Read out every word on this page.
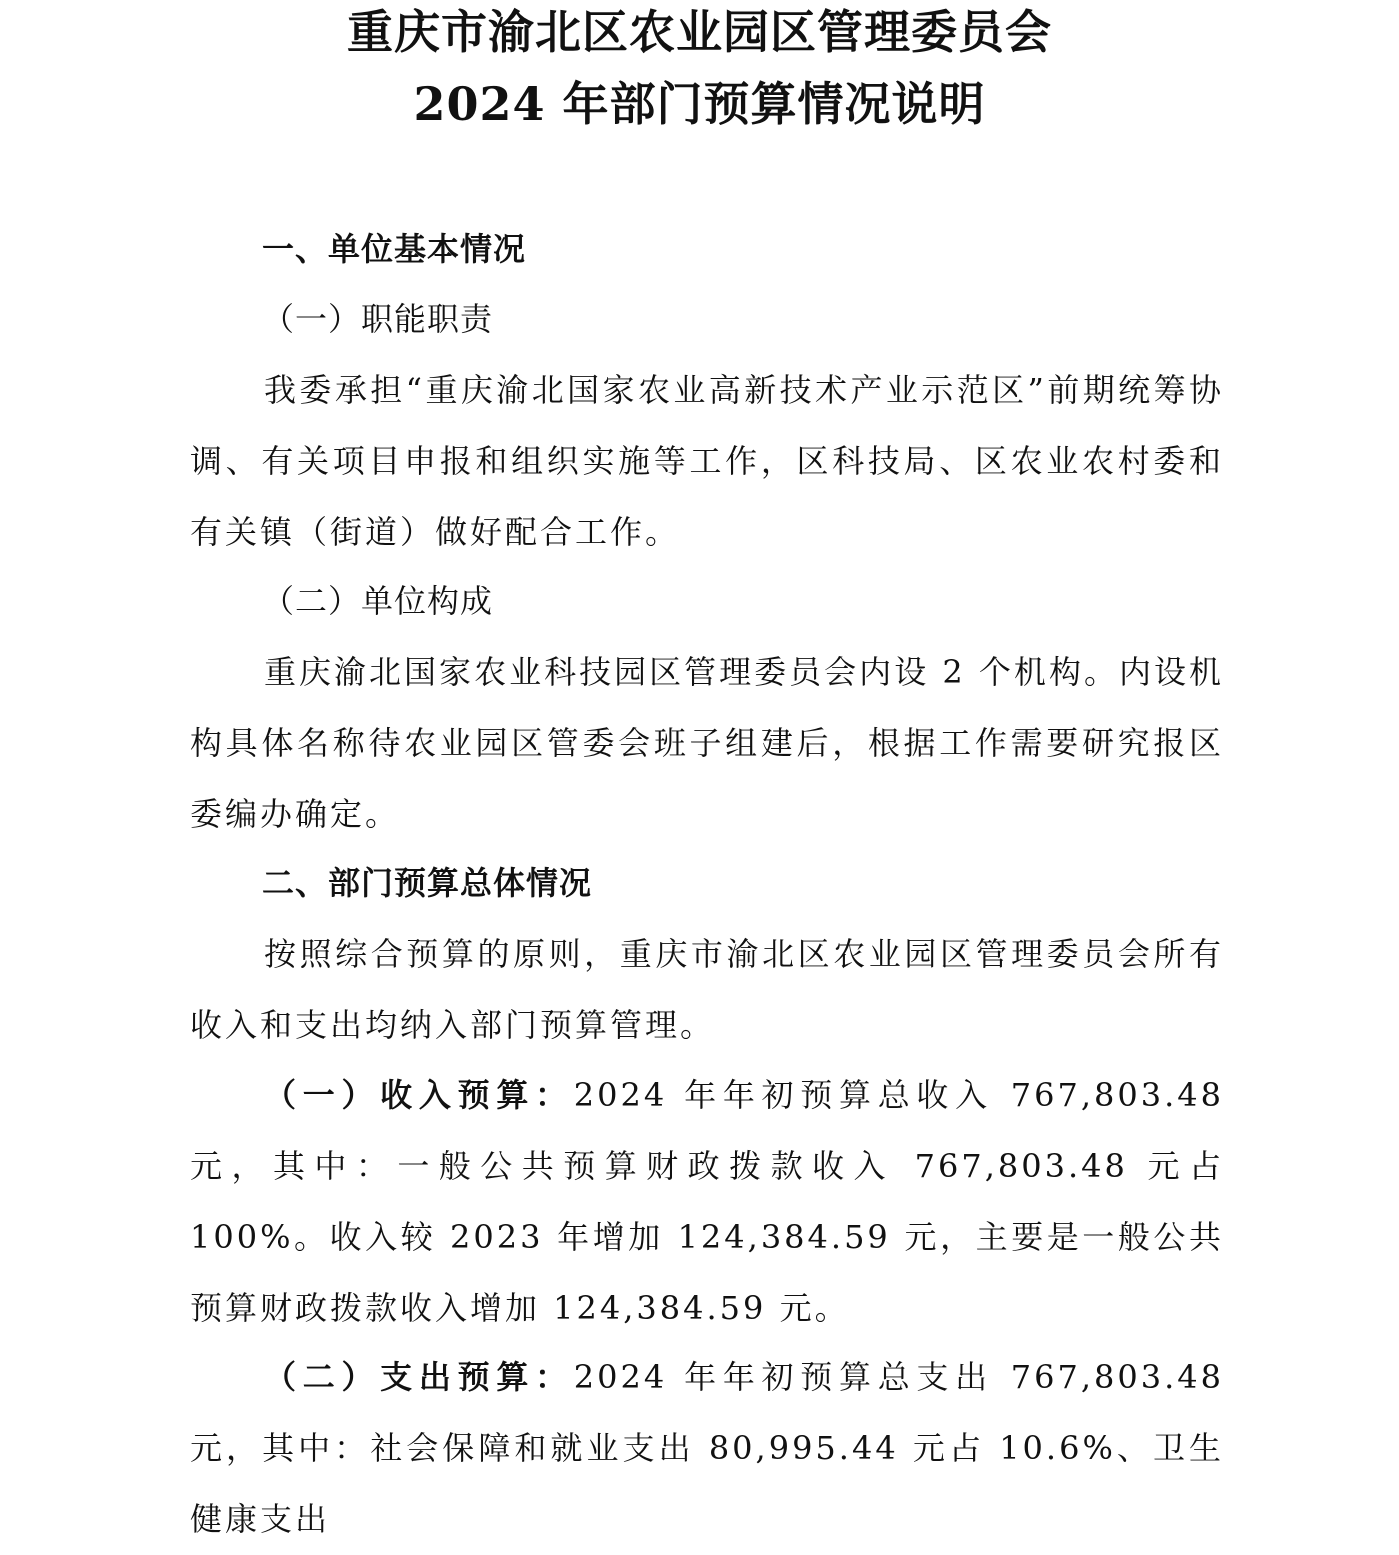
重庆市渝北区农业园区管理委员会
2024 年部门预算情况说明
一、单位基本情况
（一）职能职责

我委承担“重庆渝北国家农业高新技术产业示范区”前期统筹协调、有关项目申报和组织实施等工作，区科技局、区农业农村委和有关镇（街道）做好配合工作。

（二）单位构成

重庆渝北国家农业科技园区管理委员会内设 2 个机构。内设机构具体名称待农业园区管委会班子组建后，根据工作需要研究报区委编办确定。

二、部门预算总体情况

按照综合预算的原则，重庆市渝北区农业园区管理委员会所有收入和支出均纳入部门预算管理。

（一）收入预算：2024 年年初预算总收入 767,803.48 元，其中：一般公共预算财政拨款收入 767,803.48 元占 100%。收入较 2023 年增加 124,384.59 元，主要是一般公共预算财政拨款收入增加 124,384.59 元。

（二）支出预算：2024 年年初预算总支出 767,803.48 元，其中：社会保障和就业支出 80,995.44 元占 10.6%、卫生健康支出
